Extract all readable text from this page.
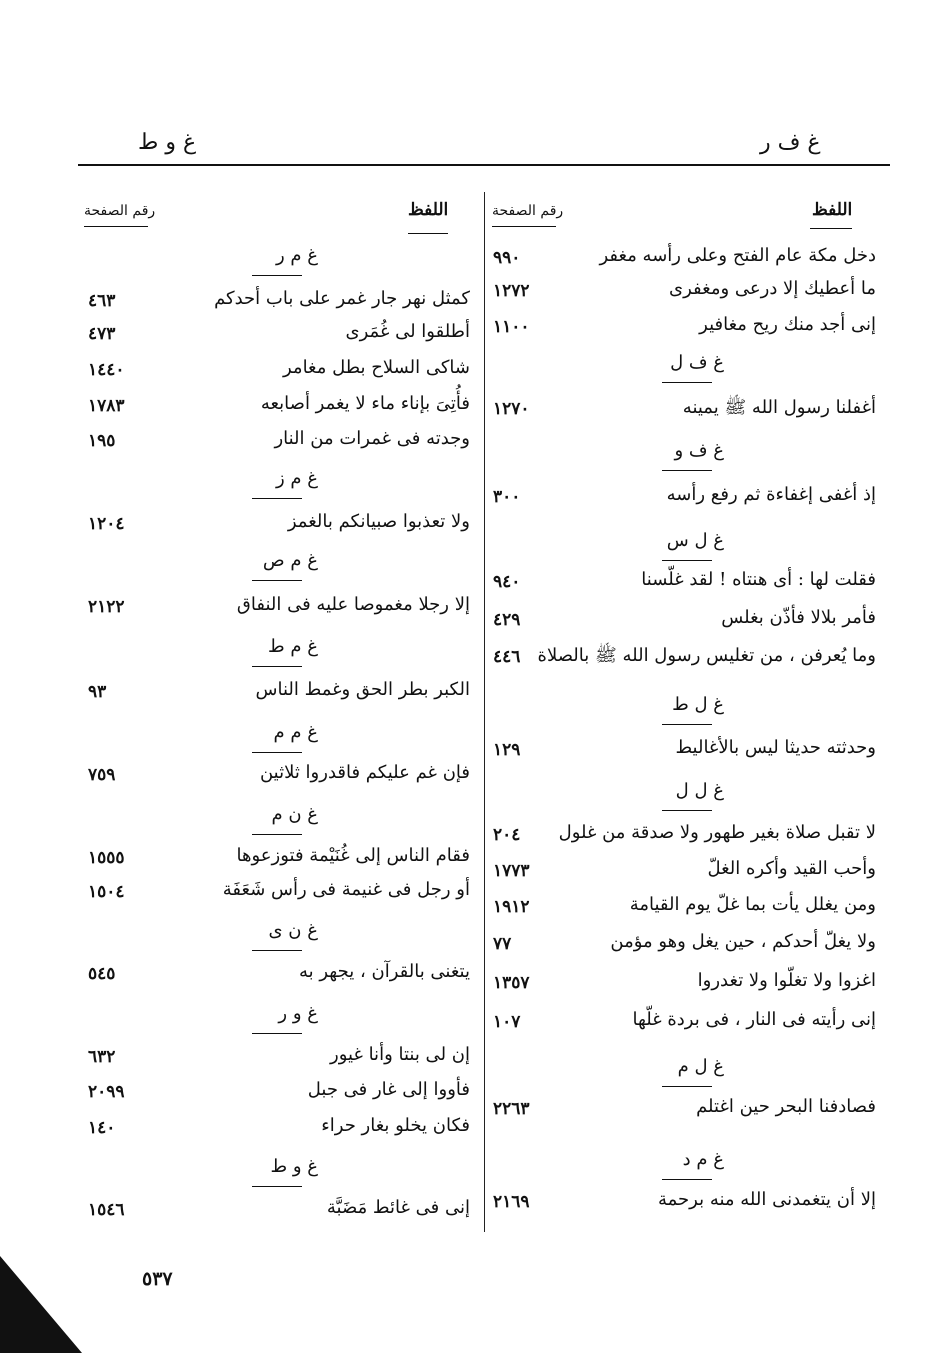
غ و ط	غ ف ر
اللفظ
رقم الصفحة
اللفظ
رقم الصفحة
دخل مكة عام الفتح وعلى رأسه مغفر
٩٩٠
ما أعطيك إلا درعى ومغفرى
١٢٧٢
إنى أجد منك ريح مغافير
١١٠٠
غ ف ل
أغفلنا رسول الله ﷺ يمينه
١٢٧٠
غ ف و
إذ أغفى إغفاءة ثم رفع رأسه
٣٠٠
غ ل س
فقلت لها : أى هنتاه ! لقد غلّسنا
٩٤٠
فأمر بلالا فأذّن بغلس
٤٢٩
وما يُعرفن ، من تغليس رسول الله ﷺ بالصلاة
٤٤٦
غ ل ط
وحدثته حديثا ليس بالأغاليط
١٢٩
غ ل ل
لا تقبل صلاة بغير طهور ولا صدقة من غلول
٢٠٤
وأحب القيد وأكره الغلّ
١٧٧٣
ومن يغلل يأت بما غلّ يوم القيامة
١٩١٢
ولا يغلّ أحدكم ، حين يغل وهو مؤمن
٧٧
اغزوا ولا تغلّوا ولا تغدروا
١٣٥٧
إنى رأيته فى النار ، فى بردة غلّها
١٠٧
غ ل م
فصادفنا البحر حين اغتلم
٢٢٦٣
غ م د
إلا أن يتغمدنى الله منه برحمة
٢١٦٩
غ م ر
كمثل نهر جار غمر على باب أحدكم
٤٦٣
أطلقوا لى غُمَرى
٤٧٣
شاكى السلاح بطل مغامر
١٤٤٠
فأُتِىَ بإناء ماء لا يغمر أصابعه
١٧٨٣
وجدته فى غمرات من النار
١٩٥
غ م ز
ولا تعذبوا صبيانكم بالغمز
١٢٠٤
غ م ص
إلا رجلا مغموصا عليه فى النفاق
٢١٢٢
غ م ط
الكبر بطر الحق وغمط الناس
٩٣
غ م م
فإن غم عليكم فاقدروا ثلاثين
٧٥٩
غ ن م
فقام الناس إلى غُنَيْمة فتوزعوها
١٥٥٥
أو رجل فى غنيمة فى رأس شَعَفَة
١٥٠٤
غ ن ى
يتغنى بالقرآن ، يجهر به
٥٤٥
غ و ر
إن لى بنتا وأنا غيور
٦٣٢
فأووا إلى غار فى جبل
٢٠٩٩
فكان يخلو بغار حراء
١٤٠
غ و ط
إنى فى غائط مَضَبَّة
١٥٤٦
٥٣٧
